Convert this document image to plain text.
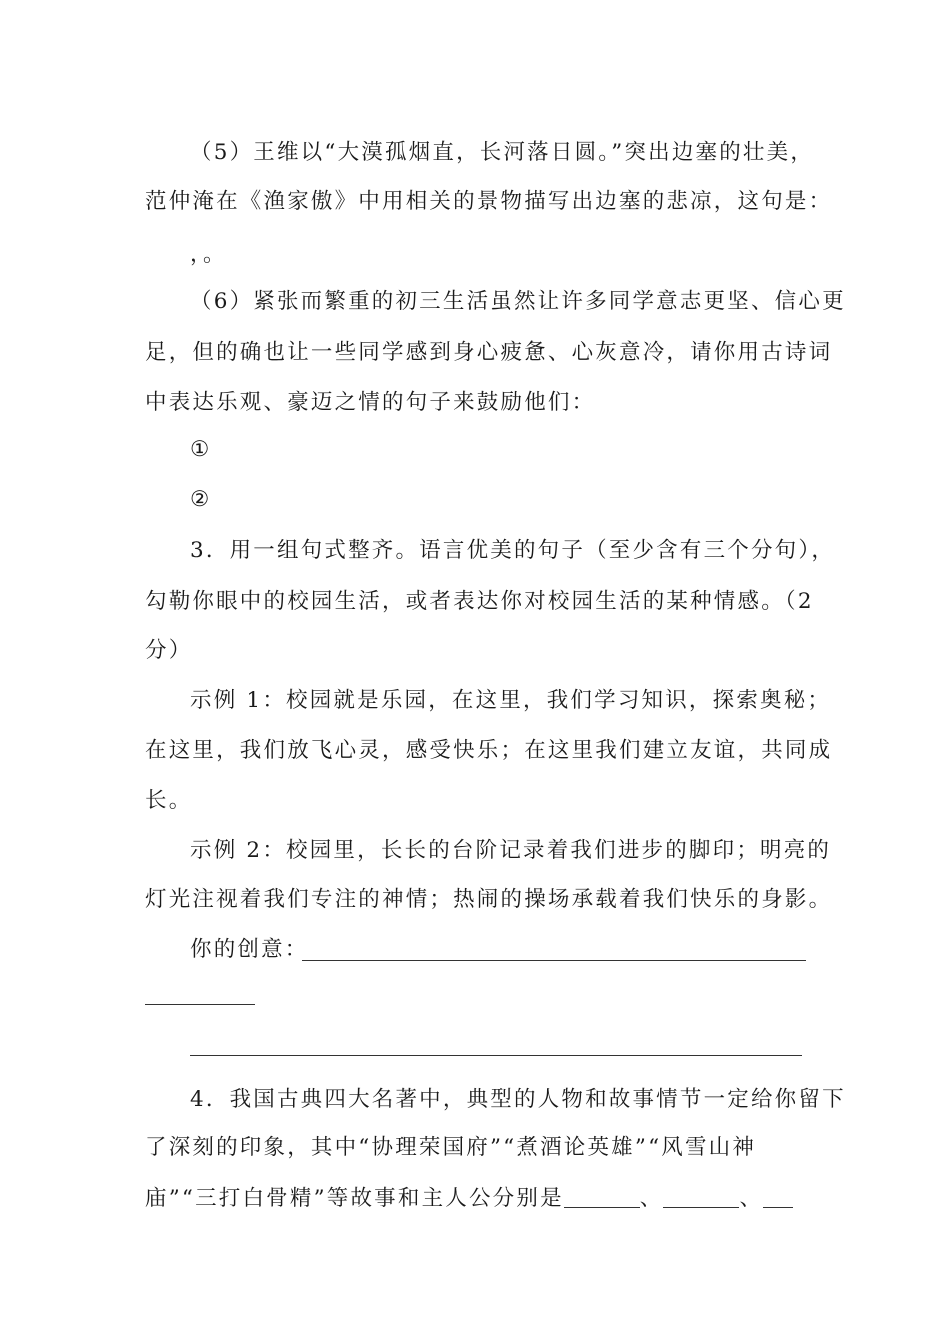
（5）王维以“大漠孤烟直，长河落日圆。”突出边塞的壮美，
范仲淹在《渔家傲》中用相关的景物描写出边塞的悲凉，这句是：
，。
（6）紧张而繁重的初三生活虽然让许多同学意志更坚、信心更
足，但的确也让一些同学感到身心疲惫、心灰意冷，请你用古诗词
中表达乐观、豪迈之情的句子来鼓励他们：
①
②
3．用一组句式整齐。语言优美的句子（至少含有三个分句），
勾勒你眼中的校园生活，或者表达你对校园生活的某种情感。（2
分）
示例 1：校园就是乐园，在这里，我们学习知识，探索奥秘；
在这里，我们放飞心灵，感受快乐；在这里我们建立友谊，共同成
长。
示例 2：校园里，长长的台阶记录着我们进步的脚印；明亮的
灯光注视着我们专注的神情；热闹的操场承载着我们快乐的身影。
你的创意：
4．我国古典四大名著中，典型的人物和故事情节一定给你留下
了深刻的印象，其中“协理荣国府”“煮酒论英雄”“风雪山神
庙”“三打白骨精”等故事和主人公分别是	、	、
